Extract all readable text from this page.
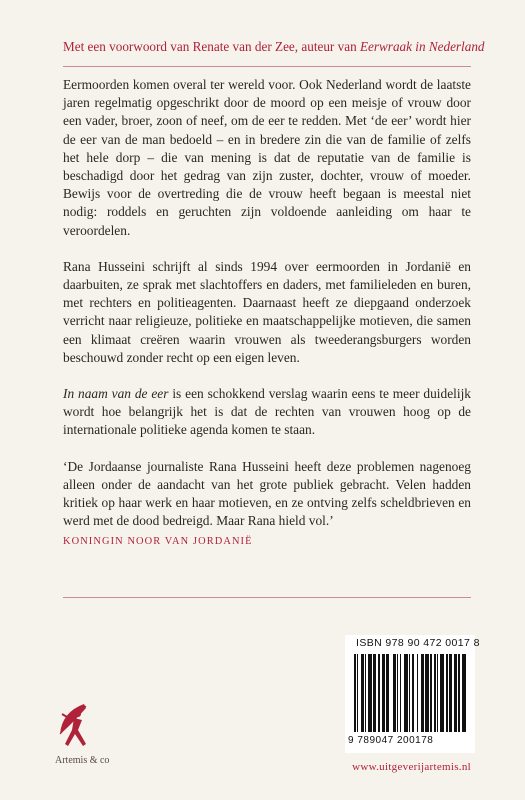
Met een voorwoord van Renate van der Zee, auteur van Eerwraak in Nederland

Eermoorden komen overal ter wereld voor. Ook Nederland wordt de laatste jaren regelmatig opgeschrikt door de moord op een meisje of vrouw door een vader, broer, zoon of neef, om de eer te redden. Met ‘de eer’ wordt hier de eer van de man bedoeld – en in bredere zin die van de familie of zelfs het hele dorp – die van mening is dat de reputatie van de familie is beschadigd door het gedrag van zijn zuster, dochter, vrouw of moeder. Bewijs voor de overtreding die de vrouw heeft begaan is meestal niet nodig: roddels en geruchten zijn voldoende aanleiding om haar te veroordelen.

Rana Husseini schrijft al sinds 1994 over eermoorden in Jordanië en daarbuiten, ze sprak met slachtoffers en daders, met familieleden en buren, met rechters en politieagenten. Daarnaast heeft ze diepgaand onderzoek verricht naar religieuze, politieke en maatschappelijke motieven, die samen een klimaat creëren waarin vrouwen als tweederangsburgers worden beschouwd zonder recht op een eigen leven.

In naam van de eer is een schokkend verslag waarin eens te meer duidelijk wordt hoe belangrijk het is dat de rechten van vrouwen hoog op de internationale politieke agenda komen te staan.

‘De Jordaanse journaliste Rana Husseini heeft deze problemen nagenoeg alleen onder de aandacht van het grote publiek gebracht. Velen hadden kritiek op haar werk en haar motieven, en ze ontving zelfs scheldbrieven en werd met de dood bedreigd. Maar Rana hield vol.’

KONINGIN NOOR VAN JORDANIË

Artemis & co
ISBN 978 90 472 0017 8
9 789047 200178
www.uitgeverijartemis.nl
